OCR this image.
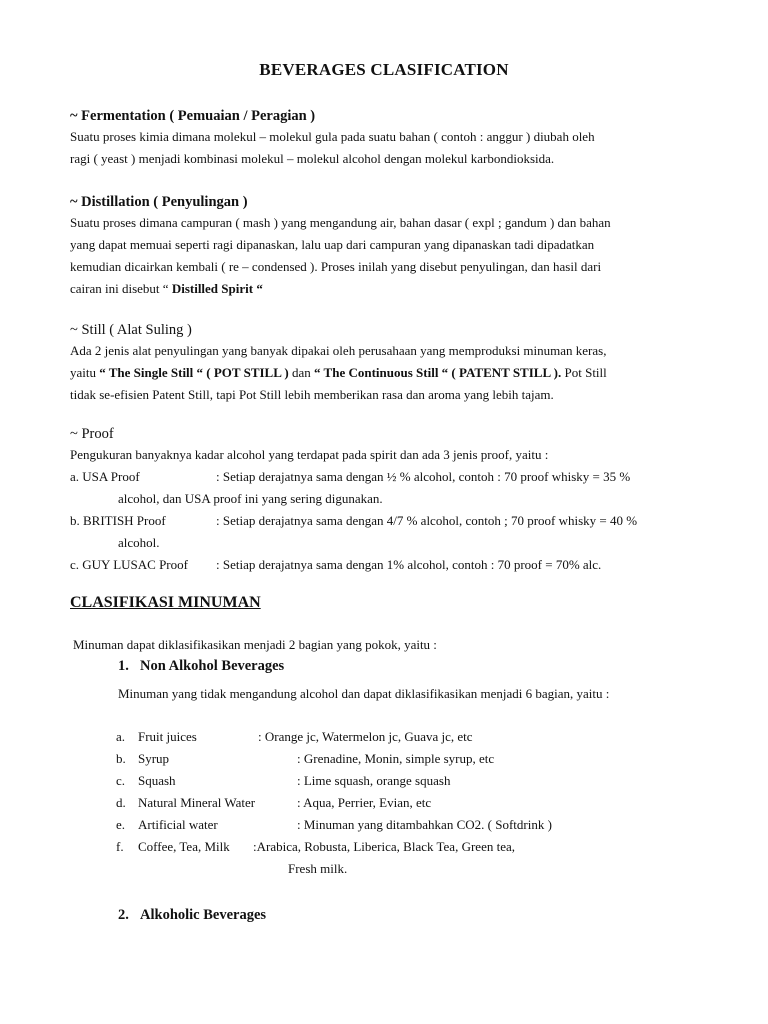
BEVERAGES CLASIFICATION
~ Fermentation ( Pemuaian / Peragian )
Suatu proses kimia dimana molekul – molekul gula pada suatu bahan ( contoh : anggur ) diubah oleh
ragi ( yeast ) menjadi kombinasi molekul – molekul alcohol dengan molekul karbondioksida.
~ Distillation ( Penyulingan )
Suatu proses dimana campuran ( mash ) yang mengandung air, bahan dasar ( expl ; gandum ) dan bahan
yang dapat memuai seperti ragi dipanaskan, lalu uap dari campuran yang dipanaskan tadi dipadatkan
kemudian dicairkan kembali ( re – condensed ). Proses inilah yang disebut penyulingan, dan hasil dari
cairan ini disebut “ Distilled Spirit “
~ Still ( Alat Suling )
Ada 2 jenis alat penyulingan yang banyak dipakai oleh perusahaan yang memproduksi minuman keras,
yaitu “ The Single Still “ ( POT STILL ) dan “ The Continuous Still “ ( PATENT STILL ). Pot Still
tidak se-efisien Patent Still, tapi Pot Still lebih memberikan rasa dan aroma yang lebih tajam.
~ Proof
Pengukuran banyaknya kadar alcohol yang terdapat pada spirit dan ada 3 jenis proof, yaitu :
a. USA Proof	: Setiap derajatnya sama dengan ½ % alcohol, contoh : 70 proof whisky = 35 %
alcohol, dan USA proof ini yang sering digunakan.
b. BRITISH Proof	: Setiap derajatnya sama dengan 4/7 % alcohol, contoh ; 70 proof whisky = 40 %
alcohol.
c. GUY LUSAC Proof : Setiap derajatnya sama dengan 1% alcohol, contoh : 70 proof = 70% alc.
CLASIFIKASI MINUMAN
Minuman dapat diklasifikasikan menjadi 2 bagian yang pokok, yaitu :
1. Non Alkohol Beverages
Minuman yang tidak mengandung alcohol dan dapat diklasifikasikan menjadi 6 bagian, yaitu :
a. Fruit juices	: Orange jc, Watermelon jc, Guava jc, etc
b. Syrup	: Grenadine, Monin, simple syrup, etc
c. Squash	: Lime squash, orange squash
d. Natural Mineral Water	: Aqua, Perrier, Evian, etc
e. Artificial water	: Minuman yang ditambahkan CO2. ( Softdrink )
f. Coffee, Tea, Milk :Arabica, Robusta, Liberica, Black Tea, Green tea,
Fresh milk.
2. Alkoholic Beverages
